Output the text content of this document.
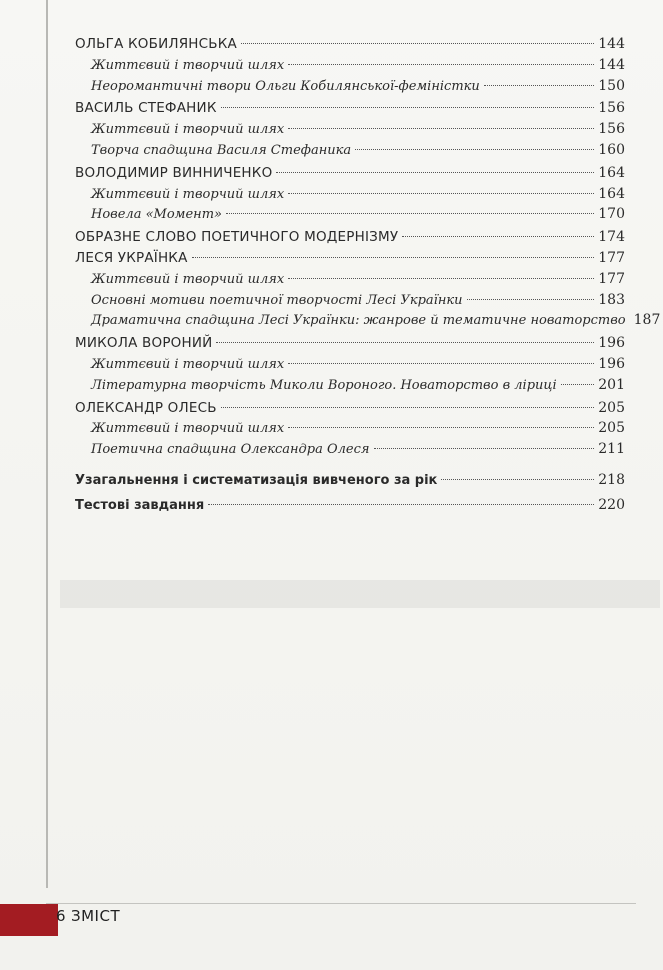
ОЛЬГА КОБИЛЯНСЬКА	144
Життєвий і творчий шлях	144
Неоромантичні твори Ольги Кобилянської-феміністки	150
ВАСИЛЬ СТЕФАНИК	156
Життєвий і творчий шлях	156
Творча спадщина Василя Стефаника	160
ВОЛОДИМИР ВИННИЧЕНКО	164
Життєвий і творчий шлях	164
Новела «Момент»	170
ОБРАЗНЕ СЛОВО ПОЕТИЧНОГО МОДЕРНІЗМУ	174
ЛЕСЯ УКРАЇНКА	177
Життєвий і творчий шлях	177
Основні мотиви поетичної творчості Лесі Українки	183
Драматична спадщина Лесі Українки: жанрове й тематичне новаторство 187
МИКОЛА ВОРОНИЙ	196
Життєвий і творчий шлях	196
Літературна творчість Миколи Вороного. Новаторство в ліриці	201
ОЛЕКСАНДР ОЛЕСЬ	205
Життєвий і творчий шлях	205
Поетична спадщина Олександра Олеся	211
Узагальнення і систематизація вивченого за рік	218
Тестові завдання	220
6 ЗМІСТ
